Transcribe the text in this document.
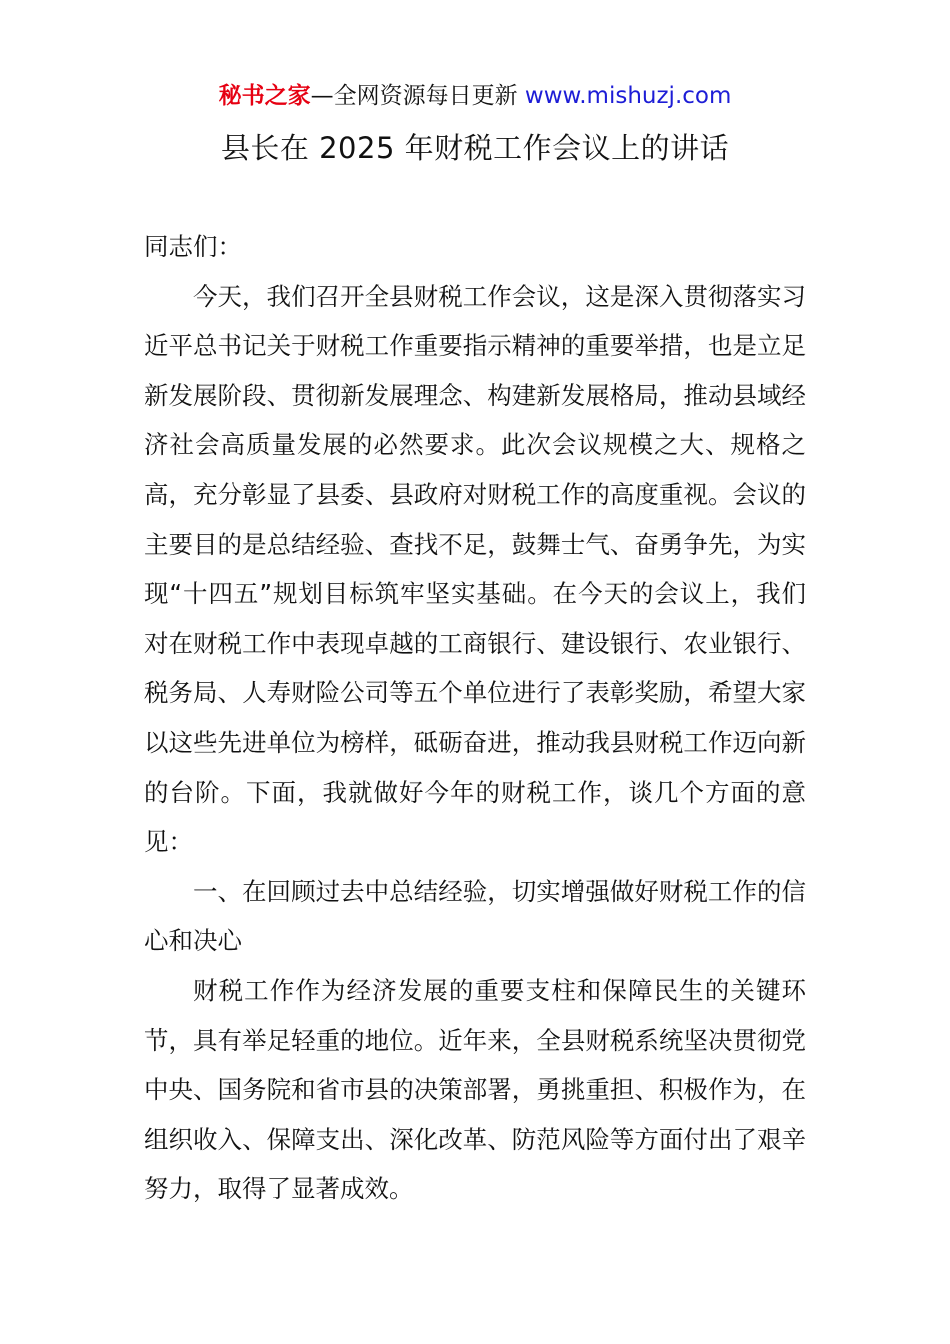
秘书之家—全网资源每日更新 www.mishuzj.com
县长在 2025 年财税工作会议上的讲话

同志们：

今天，我们召开全县财税工作会议，这是深入贯彻落实习近平总书记关于财税工作重要指示精神的重要举措，也是立足新发展阶段、贯彻新发展理念、构建新发展格局，推动县域经济社会高质量发展的必然要求。此次会议规模之大、规格之高，充分彰显了县委、县政府对财税工作的高度重视。会议的主要目的是总结经验、查找不足，鼓舞士气、奋勇争先，为实现“十四五”规划目标筑牢坚实基础。在今天的会议上，我们对在财税工作中表现卓越的工商银行、建设银行、农业银行、税务局、人寿财险公司等五个单位进行了表彰奖励，希望大家以这些先进单位为榜样，砥砺奋进，推动我县财税工作迈向新的台阶。下面，我就做好今年的财税工作，谈几个方面的意见：

一、在回顾过去中总结经验，切实增强做好财税工作的信心和决心

财税工作作为经济发展的重要支柱和保障民生的关键环节，具有举足轻重的地位。近年来，全县财税系统坚决贯彻党中央、国务院和省市县的决策部署，勇挑重担、积极作为，在组织收入、保障支出、深化改革、防范风险等方面付出了艰辛努力，取得了显著成效。
